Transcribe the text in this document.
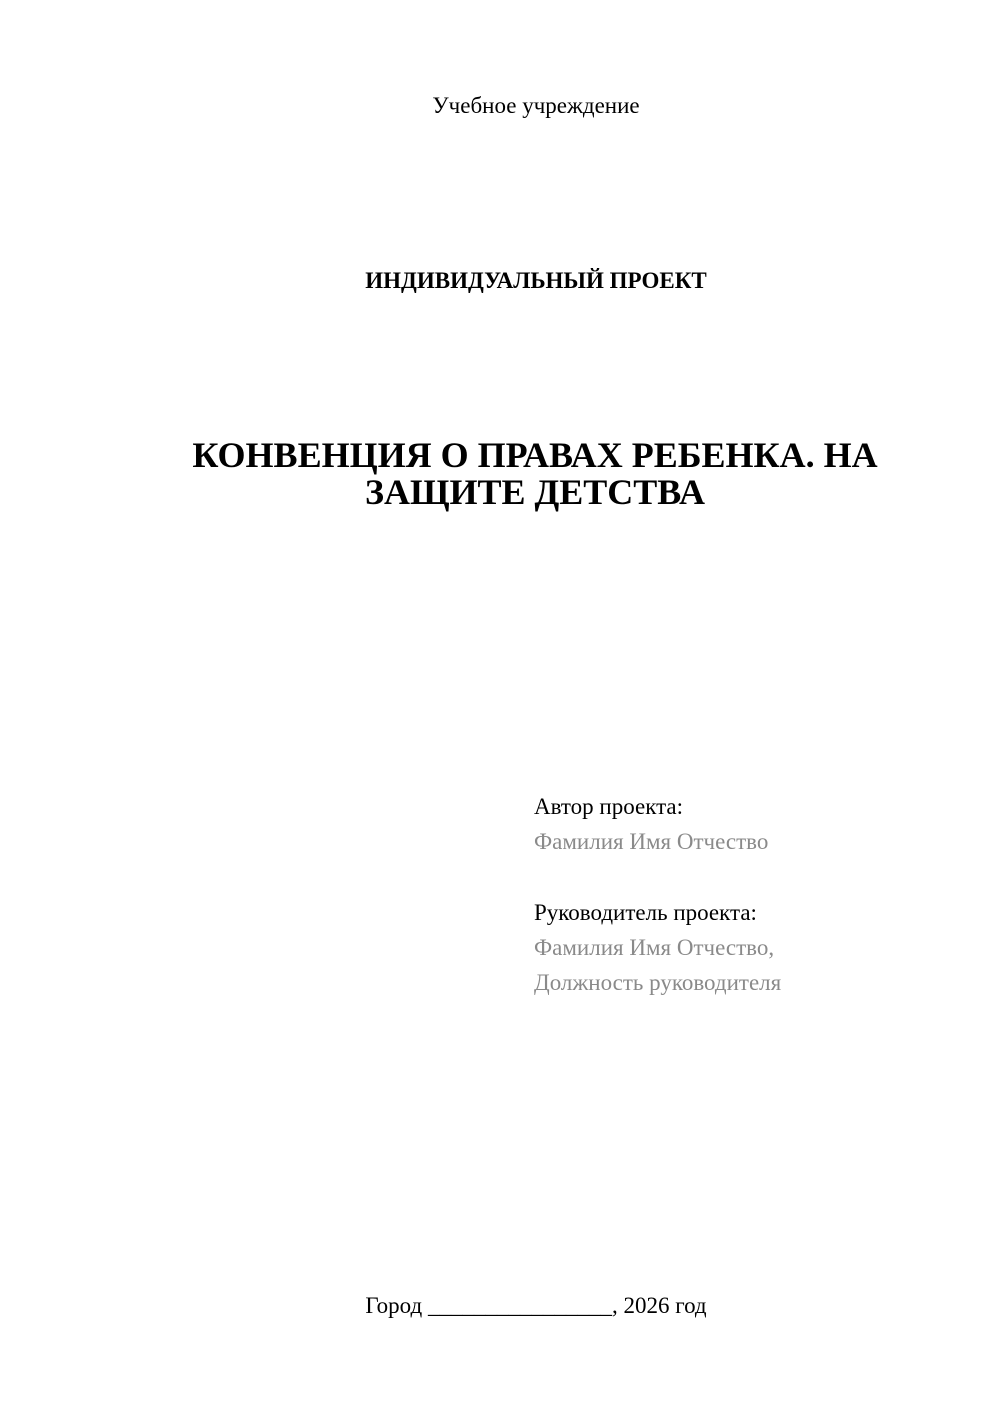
Учебное учреждение
ИНДИВИДУАЛЬНЫЙ ПРОЕКТ
КОНВЕНЦИЯ О ПРАВАХ РЕБЕНКА. НА
ЗАЩИТЕ ДЕТСТВА
Автор проекта:
Фамилия Имя Отчество
Руководитель проекта:
Фамилия Имя Отчество,
Должность руководителя
Город ________________, 2026 год
